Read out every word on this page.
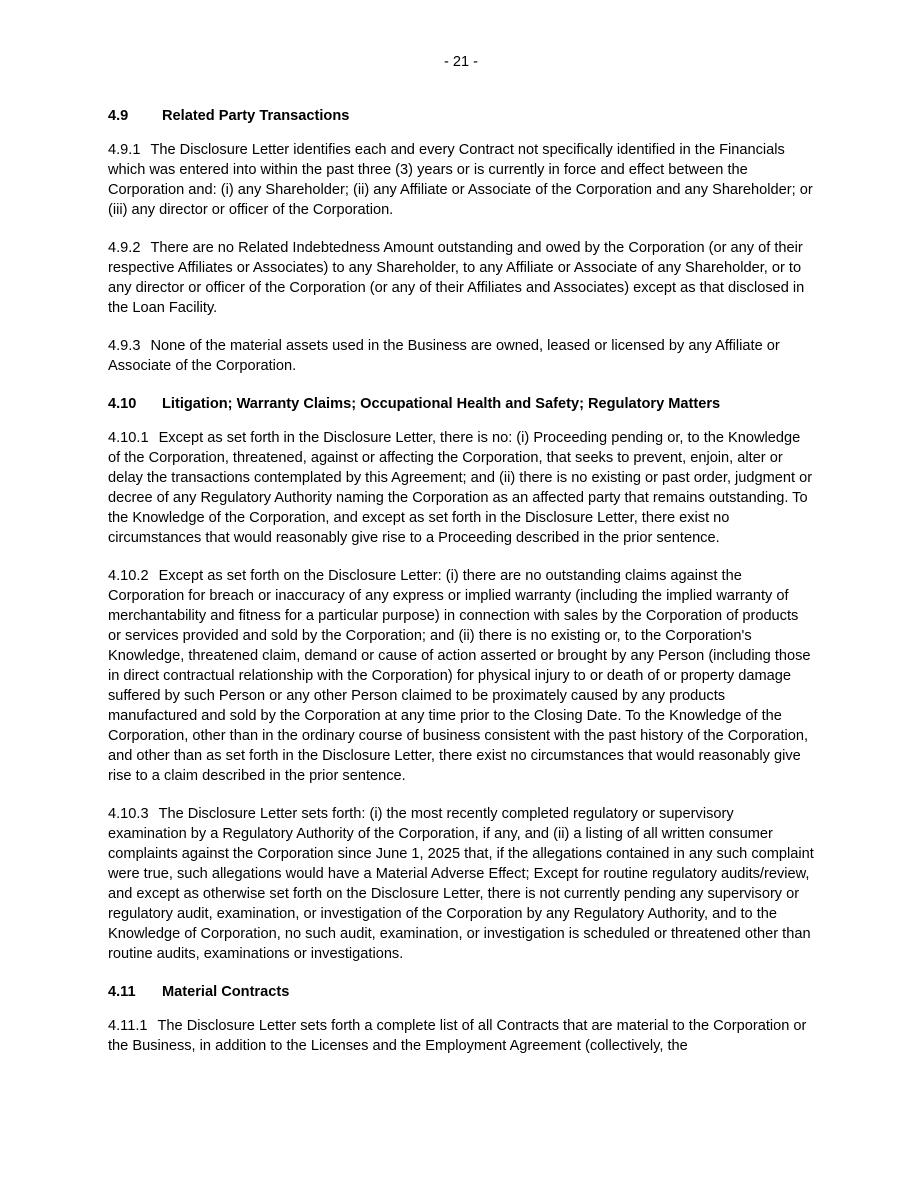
- 21 -
4.9 Related Party Transactions
4.9.1 The Disclosure Letter identifies each and every Contract not specifically identified in the Financials which was entered into within the past three (3) years or is currently in force and effect between the Corporation and: (i) any Shareholder; (ii) any Affiliate or Associate of the Corporation and any Shareholder; or (iii) any director or officer of the Corporation.
4.9.2 There are no Related Indebtedness Amount outstanding and owed by the Corporation (or any of their respective Affiliates or Associates) to any Shareholder, to any Affiliate or Associate of any Shareholder, or to any director or officer of the Corporation (or any of their Affiliates and Associates) except as that disclosed in the Loan Facility.
4.9.3 None of the material assets used in the Business are owned, leased or licensed by any Affiliate or Associate of the Corporation.
4.10 Litigation; Warranty Claims; Occupational Health and Safety; Regulatory Matters
4.10.1 Except as set forth in the Disclosure Letter, there is no: (i) Proceeding pending or, to the Knowledge of the Corporation, threatened, against or affecting the Corporation, that seeks to prevent, enjoin, alter or delay the transactions contemplated by this Agreement; and (ii) there is no existing or past order, judgment or decree of any Regulatory Authority naming the Corporation as an affected party that remains outstanding. To the Knowledge of the Corporation, and except as set forth in the Disclosure Letter, there exist no circumstances that would reasonably give rise to a Proceeding described in the prior sentence.
4.10.2 Except as set forth on the Disclosure Letter: (i) there are no outstanding claims against the Corporation for breach or inaccuracy of any express or implied warranty (including the implied warranty of merchantability and fitness for a particular purpose) in connection with sales by the Corporation of products or services provided and sold by the Corporation; and (ii) there is no existing or, to the Corporation's Knowledge, threatened claim, demand or cause of action asserted or brought by any Person (including those in direct contractual relationship with the Corporation) for physical injury to or death of or property damage suffered by such Person or any other Person claimed to be proximately caused by any products manufactured and sold by the Corporation at any time prior to the Closing Date. To the Knowledge of the Corporation, other than in the ordinary course of business consistent with the past history of the Corporation, and other than as set forth in the Disclosure Letter, there exist no circumstances that would reasonably give rise to a claim described in the prior sentence.
4.10.3 The Disclosure Letter sets forth: (i) the most recently completed regulatory or supervisory examination by a Regulatory Authority of the Corporation, if any, and (ii) a listing of all written consumer complaints against the Corporation since June 1, 2025 that, if the allegations contained in any such complaint were true, such allegations would have a Material Adverse Effect; Except for routine regulatory audits/review, and except as otherwise set forth on the Disclosure Letter, there is not currently pending any supervisory or regulatory audit, examination, or investigation of the Corporation by any Regulatory Authority, and to the Knowledge of Corporation, no such audit, examination, or investigation is scheduled or threatened other than routine audits, examinations or investigations.
4.11 Material Contracts
4.11.1 The Disclosure Letter sets forth a complete list of all Contracts that are material to the Corporation or the Business, in addition to the Licenses and the Employment Agreement (collectively, the
